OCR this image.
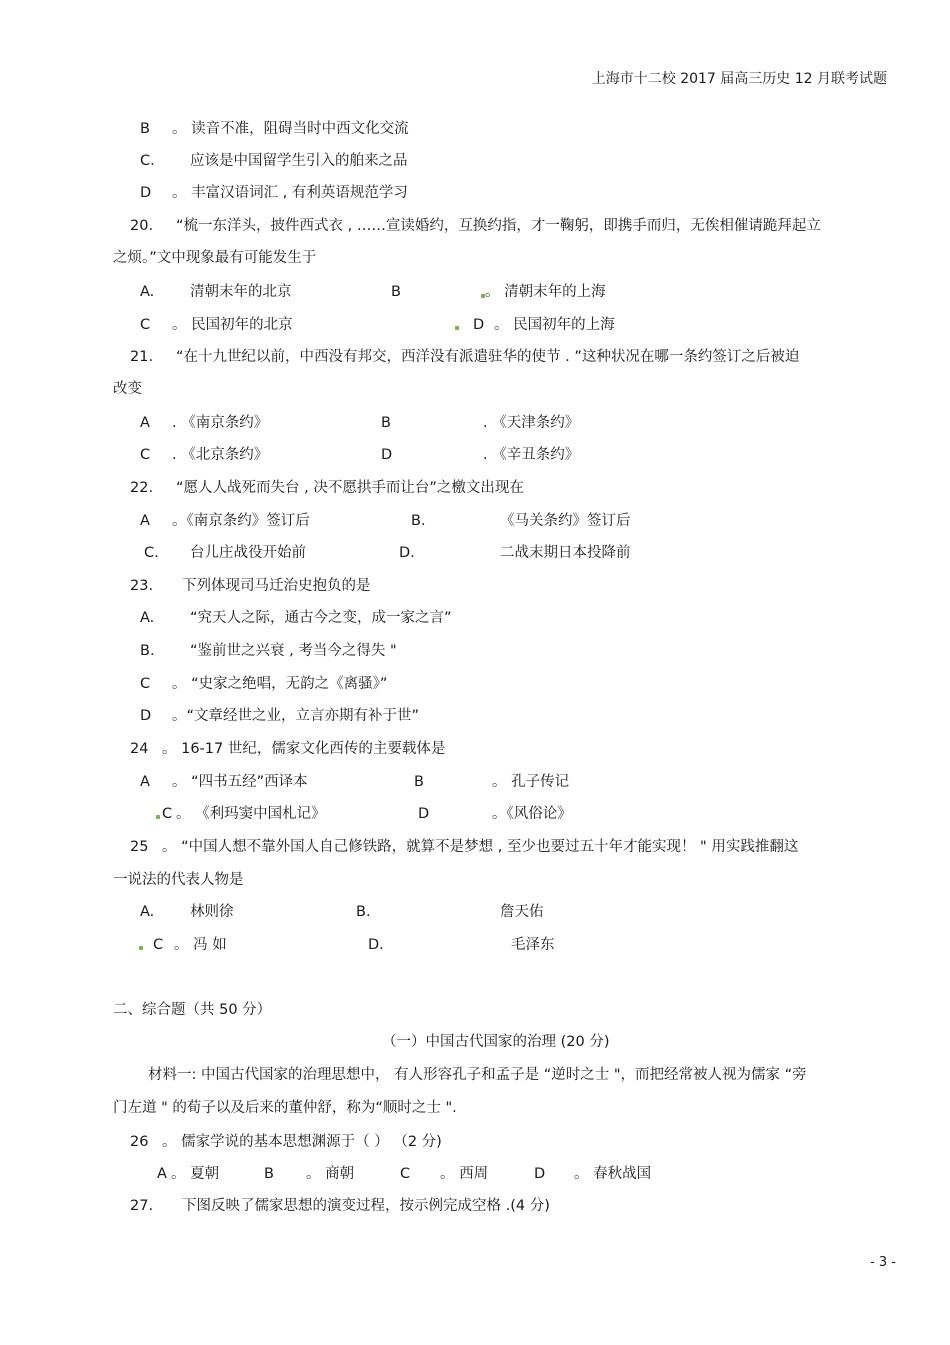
上海市十二校 2017 届高三历史 12 月联考试题
B 。 读音不准，阻碍当时中西文化交流
C. 应该是中国留学生引入的舶来之品
D 。 丰富汉语词汇 , 有利英语规范学习
20. “梳一东洋头，披件西式衣 , ……宣读婚约，互换约指，才一鞠躬，即携手而归，无俟相催请跪拜起立
之烦。”文中现象最有可能发生于
A. 清朝末年的北京	B	。 清朝末年的上海
C 。 民国初年的北京	D 。 民国初年的上海
21. “在十九世纪以前，中西没有邦交，西洋没有派遣驻华的使节 . ”这种状况在哪一条约签订之后被迫
改变
A . 《南京条约》	B	. 《天津条约》
C . 《北京条约》	D	. 《辛丑条约》
22. “愿人人战死而失台 , 决不愿拱手而让台”之檄文出现在
A 。《南京条约》签订后	B.	《马关条约》签订后
C. 台儿庄战役开始前	D.	二战末期日本投降前
23. 下列体现司马迁治史抱负的是
A. “究天人之际，通古今之变，成一家之言”
B. “鉴前世之兴衰 , 考当今之得失 "
C 。 “史家之绝唱，无韵之《离骚》”
D 。“文章经世之业，立言亦期有补于世”
24 。 16-17 世纪，儒家文化西传的主要载体是
A 。 “四书五经”西译本	B	。 孔子传记
C 。 《利玛窦中国札记》	D	。《风俗论》
25 。 “中国人想不靠外国人自己修铁路，就算不是梦想 , 至少也要过五十年才能实现！ " 用实践推翻这
一说法的代表人物是
A. 林则徐	B.	詹天佑
C 。 冯 如	D.	毛泽东
二、综合题（共 50 分）
（一）中国古代国家的治理 (20 分)
材料一: 中国古代国家的治理思想中， 有人形容孔子和孟子是 “逆时之士 "，而把经常被人视为儒家 “旁
门左道 " 的荀子以及后来的董仲舒，称为“顺时之士 ".
26 。 儒家学说的基本思想渊源于（ ） （2 分)
A 。 夏朝	B 。 商朝	C 。 西周	D 。 春秋战国
27. 下图反映了儒家思想的演变过程，按示例完成空格 .(4 分)
- 3 -
